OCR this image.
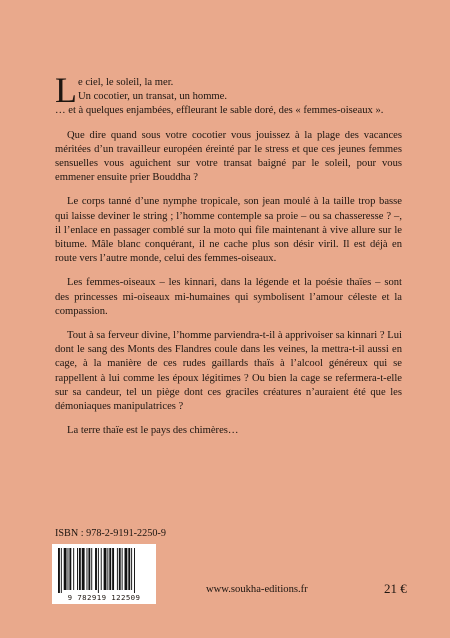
L e ciel, le soleil, la mer.
Un cocotier, un transat, un homme.
… et à quelques enjambées, effleurant le sable doré, des « femmes-oiseaux ».

Que dire quand sous votre cocotier vous jouissez à la plage des vacances méritées d’un travailleur européen éreinté par le stress et que ces jeunes femmes sensuelles vous aguichent sur votre transat baigné par le soleil, pour vous emmener ensuite prier Bouddha ?

Le corps tanné d’une nymphe tropicale, son jean moulé à la taille trop basse qui laisse deviner le string ; l’homme contemple sa proie – ou sa chasseresse ? –, il l’enlace en passager comblé sur la moto qui file maintenant à vive allure sur le bitume. Mâle blanc conquérant, il ne cache plus son désir viril. Il est déjà en route vers l’autre monde, celui des femmes-oiseaux.

Les femmes-oiseaux – les kinnari, dans la légende et la poésie thaïes – sont des princesses mi-oiseaux mi-humaines qui symbolisent l’amour céleste et la compassion.

Tout à sa ferveur divine, l’homme parviendra-t-il à apprivoiser sa kinnari ? Lui dont le sang des Monts des Flandres coule dans les veines, la mettra-t-il aussi en cage, à la manière de ces rudes gaillards thaïs à l’alcool généreux qui se rappellent à lui comme les époux légitimes ? Ou bien la cage se refermera-t-elle sur sa candeur, tel un piège dont ces graciles créatures n’auraient été que les démoniaques manipulatrices ?

La terre thaïe est le pays des chimères…

ISBN : 978-2-9191-2250-9
9 782919 122509
www.soukha-editions.fr	21 €
